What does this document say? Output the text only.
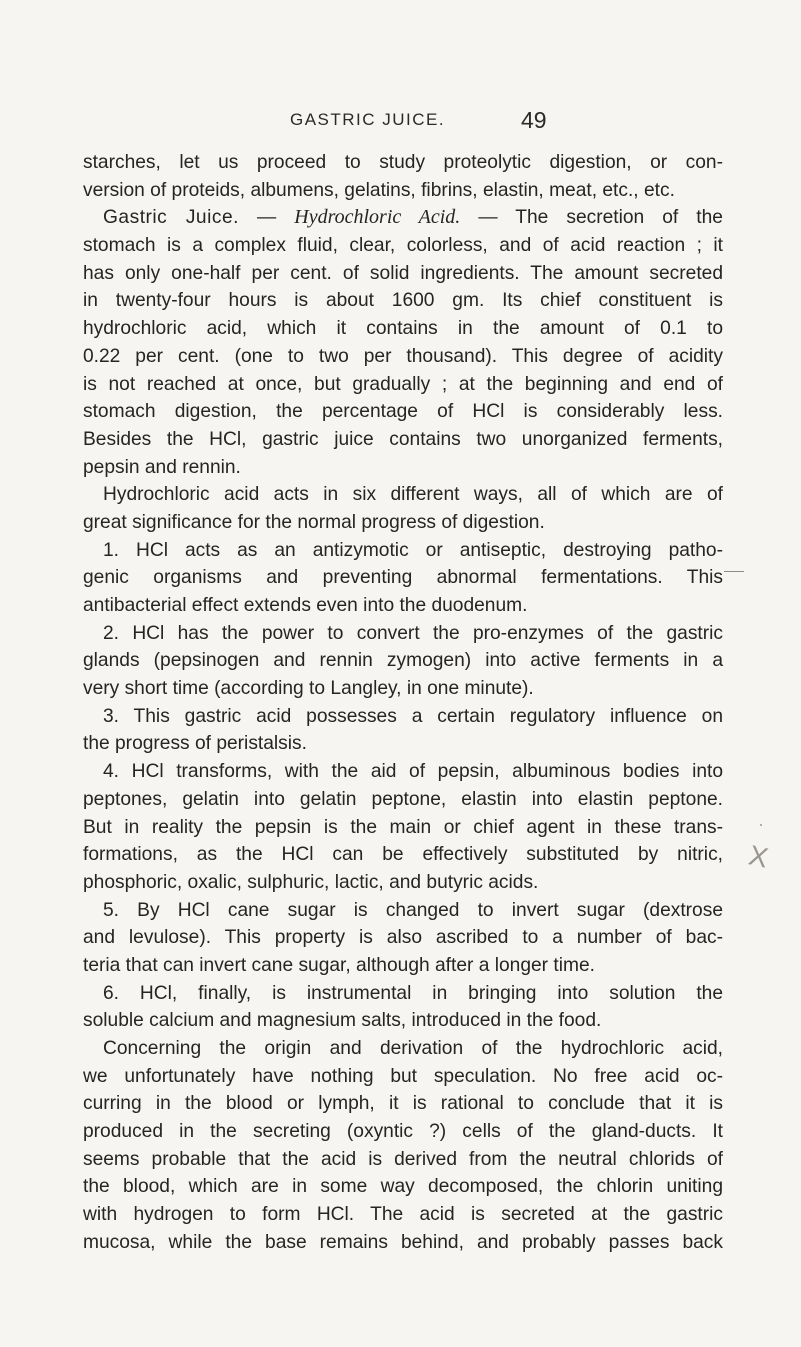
GASTRIC JUICE.	49
starches, let us proceed to study proteolytic digestion, or con-
version of proteids, albumens, gelatins, fibrins, elastin, meat, etc., etc.
Gastric Juice. — Hydrochloric Acid. — The secretion of the
stomach is a complex fluid, clear, colorless, and of acid reaction ; it
has only one-half per cent. of solid ingredients. The amount secreted
in twenty-four hours is about 1600 gm. Its chief constituent is
hydrochloric acid, which it contains in the amount of 0.1 to
0.22 per cent. (one to two per thousand). This degree of acidity
is not reached at once, but gradually ; at the beginning and end of
stomach digestion, the percentage of HCl is considerably less.
Besides the HCl, gastric juice contains two unorganized ferments,
pepsin and rennin.
Hydrochloric acid acts in six different ways, all of which are of
great significance for the normal progress of digestion.
1. HCl acts as an antizymotic or antiseptic, destroying patho-
genic organisms and preventing abnormal fermentations. This
antibacterial effect extends even into the duodenum.
2. HCl has the power to convert the pro-enzymes of the gastric
glands (pepsinogen and rennin zymogen) into active ferments in a
very short time (according to Langley, in one minute).
3. This gastric acid possesses a certain regulatory influence on
the progress of peristalsis.
4. HCl transforms, with the aid of pepsin, albuminous bodies into
peptones, gelatin into gelatin peptone, elastin into elastin peptone.
But in reality the pepsin is the main or chief agent in these trans-
formations, as the HCl can be effectively substituted by nitric,
phosphoric, oxalic, sulphuric, lactic, and butyric acids.
5. By HCl cane sugar is changed to invert sugar (dextrose
and levulose). This property is also ascribed to a number of bac-
teria that can invert cane sugar, although after a longer time.
6. HCl, finally, is instrumental in bringing into solution the
soluble calcium and magnesium salts, introduced in the food.
Concerning the origin and derivation of the hydrochloric acid,
we unfortunately have nothing but speculation. No free acid oc-
curring in the blood or lymph, it is rational to conclude that it is
produced in the secreting (oxyntic ?) cells of the gland-ducts. It
seems probable that the acid is derived from the neutral chlorids of
the blood, which are in some way decomposed, the chlorin uniting
with hydrogen to form HCl. The acid is secreted at the gastric
mucosa, while the base remains behind, and probably passes back
X
